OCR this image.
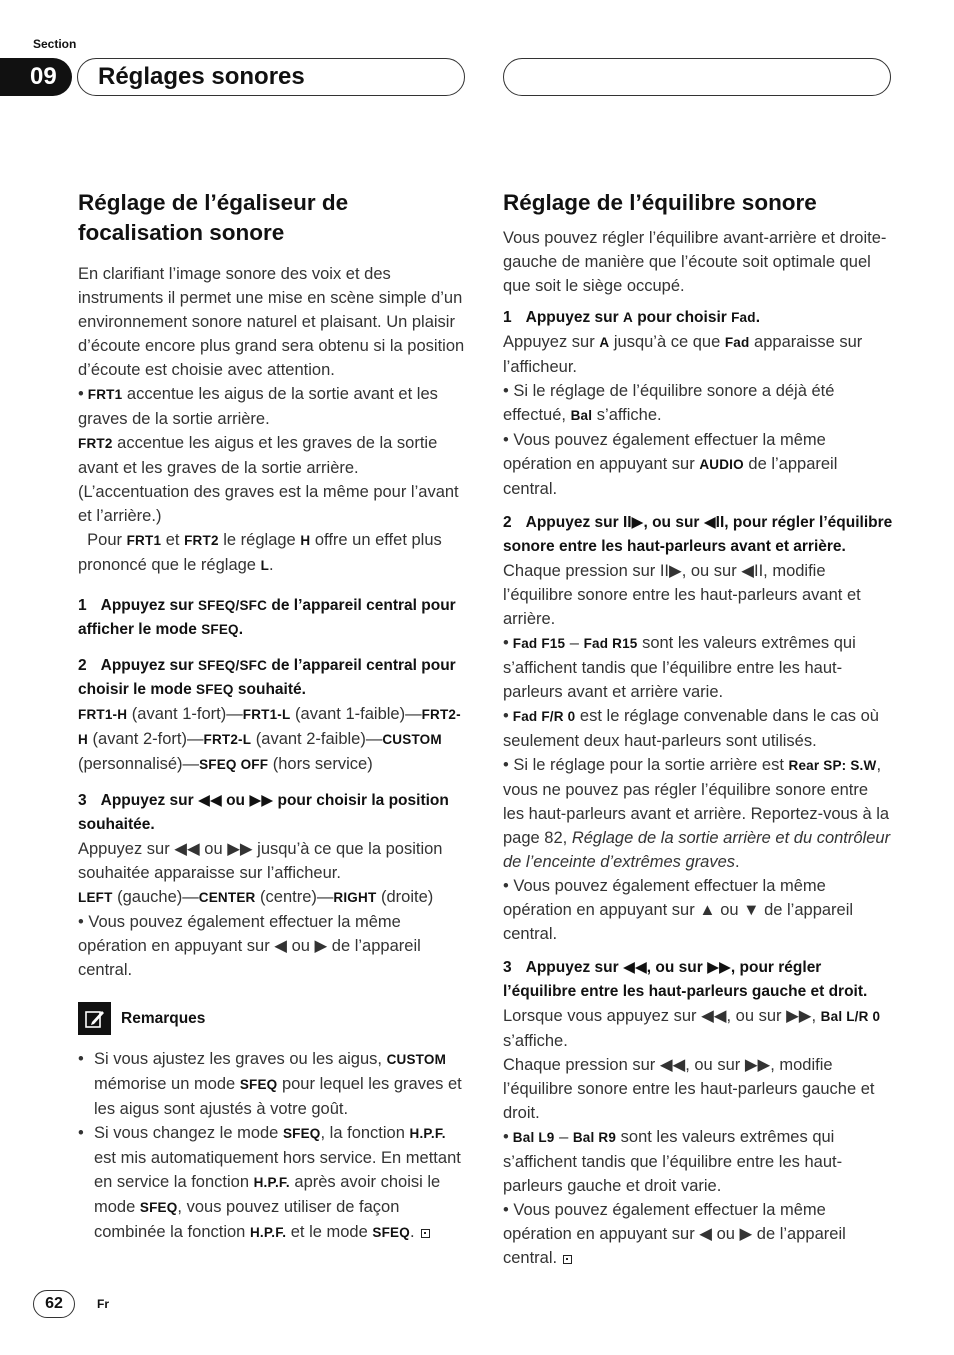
Section
09	Réglages sonores
Réglage de l’égaliseur de focalisation sonore

En clarifiant l’image sonore des voix et des instruments il permet une mise en scène simple d’un environnement sonore naturel et plaisant. Un plaisir d’écoute encore plus grand sera obtenu si la position d’écoute est choisie avec attention.

• FRT1 accentue les aigus de la sortie avant et les graves de la sortie arrière.

FRT2 accentue les aigus et les graves de la sortie avant et les graves de la sortie arrière. (L’accentuation des graves est la même pour l’avant et l’arrière.)

Pour FRT1 et FRT2 le réglage H offre un effet plus prononcé que le réglage L.

1 Appuyez sur SFEQ/SFC de l’appareil central pour afficher le mode SFEQ.

2 Appuyez sur SFEQ/SFC de l’appareil central pour choisir le mode SFEQ souhaité.

FRT1-H (avant 1-fort)—FRT1-L (avant 1-faible)—FRT2-H (avant 2-fort)—FRT2-L (avant 2-faible)—CUSTOM (personnalisé)—SFEQ OFF (hors service)

3 Appuyez sur ◀◀ ou ▶▶ pour choisir la position souhaitée.

Appuyez sur ◀◀ ou ▶▶ jusqu’à ce que la position souhaitée apparaisse sur l’afficheur.

LEFT (gauche)—CENTER (centre)—RIGHT (droite)

• Vous pouvez également effectuer la même opération en appuyant sur ◀ ou ▶ de l’appareil central.

Remarques

• Si vous ajustez les graves ou les aigus, CUSTOM mémorise un mode SFEQ pour lequel les graves et les aigus sont ajustés à votre goût.

• Si vous changez le mode SFEQ, la fonction H.P.F. est mis automatiquement hors service. En mettant en service la fonction H.P.F. après avoir choisi le mode SFEQ, vous pouvez utiliser de façon combinée la fonction H.P.F. et le mode SFEQ.

Réglage de l’équilibre sonore

Vous pouvez régler l’équilibre avant-arrière et droite-gauche de manière que l’écoute soit optimale quel que soit le siège occupé.

1 Appuyez sur A pour choisir Fad.

Appuyez sur A jusqu’à ce que Fad apparaisse sur l’afficheur.

• Si le réglage de l’équilibre sonore a déjà été effectué, Bal s’affiche.

• Vous pouvez également effectuer la même opération en appuyant sur AUDIO de l’appareil central.

2 Appuyez sur II▶, ou sur ◀II, pour régler l’équilibre sonore entre les haut-parleurs avant et arrière.

Chaque pression sur II▶, ou sur ◀II, modifie l’équilibre sonore entre les haut-parleurs avant et arrière.

• Fad F15 – Fad R15 sont les valeurs extrêmes qui s’affichent tandis que l’équilibre entre les haut-parleurs avant et arrière varie.

• Fad F/R 0 est le réglage convenable dans le cas où seulement deux haut-parleurs sont utilisés.

• Si le réglage pour la sortie arrière est Rear SP: S.W, vous ne pouvez pas régler l’équilibre sonore entre les haut-parleurs avant et arrière. Reportez-vous à la page 82, Réglage de la sortie arrière et du contrôleur de l’enceinte d’extrêmes graves.

• Vous pouvez également effectuer la même opération en appuyant sur ▲ ou ▼ de l’appareil central.

3 Appuyez sur ◀◀, ou sur ▶▶, pour régler l’équilibre entre les haut-parleurs gauche et droit.

Lorsque vous appuyez sur ◀◀, ou sur ▶▶, Bal L/R 0 s’affiche.

Chaque pression sur ◀◀, ou sur ▶▶, modifie l’équilibre sonore entre les haut-parleurs gauche et droit.

• Bal L9 – Bal R9 sont les valeurs extrêmes qui s’affichent tandis que l’équilibre entre les haut-parleurs gauche et droit varie.

• Vous pouvez également effectuer la même opération en appuyant sur ◀ ou ▶ de l’appareil central.

62	Fr
